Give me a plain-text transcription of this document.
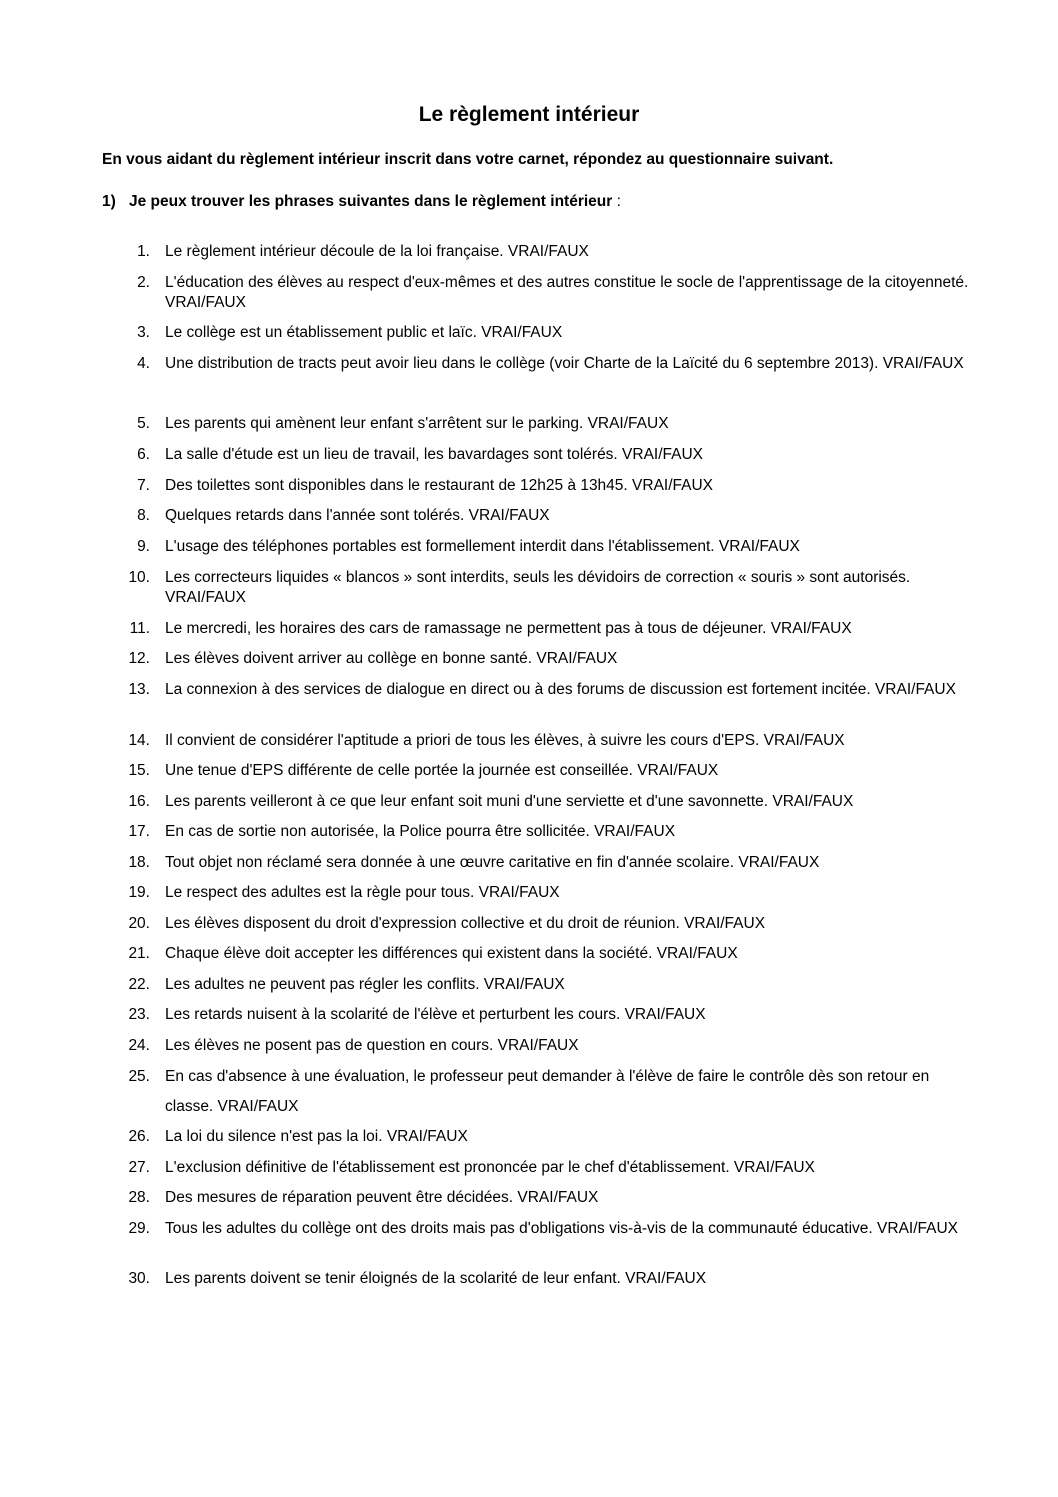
Le règlement intérieur
En vous aidant du règlement intérieur inscrit dans votre carnet, répondez au questionnaire suivant.
1) Je peux trouver les phrases suivantes dans le règlement intérieur :
1. Le règlement intérieur découle de la loi française. VRAI/FAUX
2. L'éducation des élèves au respect d'eux-mêmes et des autres constitue le socle de l'apprentissage de la citoyenneté. VRAI/FAUX
3. Le collège est un établissement public et laïc. VRAI/FAUX
4. Une distribution de tracts peut avoir lieu dans le collège (voir Charte de la Laïcité du 6 septembre 2013). VRAI/FAUX
5. Les parents qui amènent leur enfant s'arrêtent sur le parking. VRAI/FAUX
6. La salle d'étude est un lieu de travail, les bavardages sont tolérés. VRAI/FAUX
7. Des toilettes sont disponibles dans le restaurant de 12h25 à 13h45. VRAI/FAUX
8. Quelques retards dans l'année sont tolérés. VRAI/FAUX
9. L'usage des téléphones portables est formellement interdit dans l'établissement. VRAI/FAUX
10. Les correcteurs liquides « blancos » sont interdits, seuls les dévidoirs de correction « souris » sont autorisés. VRAI/FAUX
11. Le mercredi, les horaires des cars de ramassage ne permettent pas à tous de déjeuner. VRAI/FAUX
12. Les élèves doivent arriver au collège en bonne santé. VRAI/FAUX
13. La connexion à des services de dialogue en direct ou à des forums de discussion est fortement incitée. VRAI/FAUX
14. Il convient de considérer l'aptitude a priori de tous les élèves, à suivre les cours d'EPS. VRAI/FAUX
15. Une tenue d'EPS différente de celle portée la journée est conseillée. VRAI/FAUX
16. Les parents veilleront à ce que leur enfant soit muni d'une serviette et d'une savonnette. VRAI/FAUX
17. En cas de sortie non autorisée, la Police pourra être sollicitée. VRAI/FAUX
18. Tout objet non réclamé sera donnée à une œuvre caritative en fin d'année scolaire. VRAI/FAUX
19. Le respect des adultes est la règle pour tous. VRAI/FAUX
20. Les élèves disposent du droit d'expression collective et du droit de réunion. VRAI/FAUX
21. Chaque élève doit accepter les différences qui existent dans la société. VRAI/FAUX
22. Les adultes ne peuvent pas régler les conflits. VRAI/FAUX
23. Les retards nuisent à la scolarité de l'élève et perturbent les cours. VRAI/FAUX
24. Les élèves ne posent pas de question en cours. VRAI/FAUX
25. En cas d'absence à une évaluation, le professeur peut demander à l'élève de faire le contrôle dès son retour en classe. VRAI/FAUX
26. La loi du silence n'est pas la loi. VRAI/FAUX
27. L'exclusion définitive de l'établissement est prononcée par le chef d'établissement. VRAI/FAUX
28. Des mesures de réparation peuvent être décidées. VRAI/FAUX
29. Tous les adultes du collège ont des droits mais pas d'obligations vis-à-vis de la communauté éducative. VRAI/FAUX
30. Les parents doivent se tenir éloignés de la scolarité de leur enfant. VRAI/FAUX
